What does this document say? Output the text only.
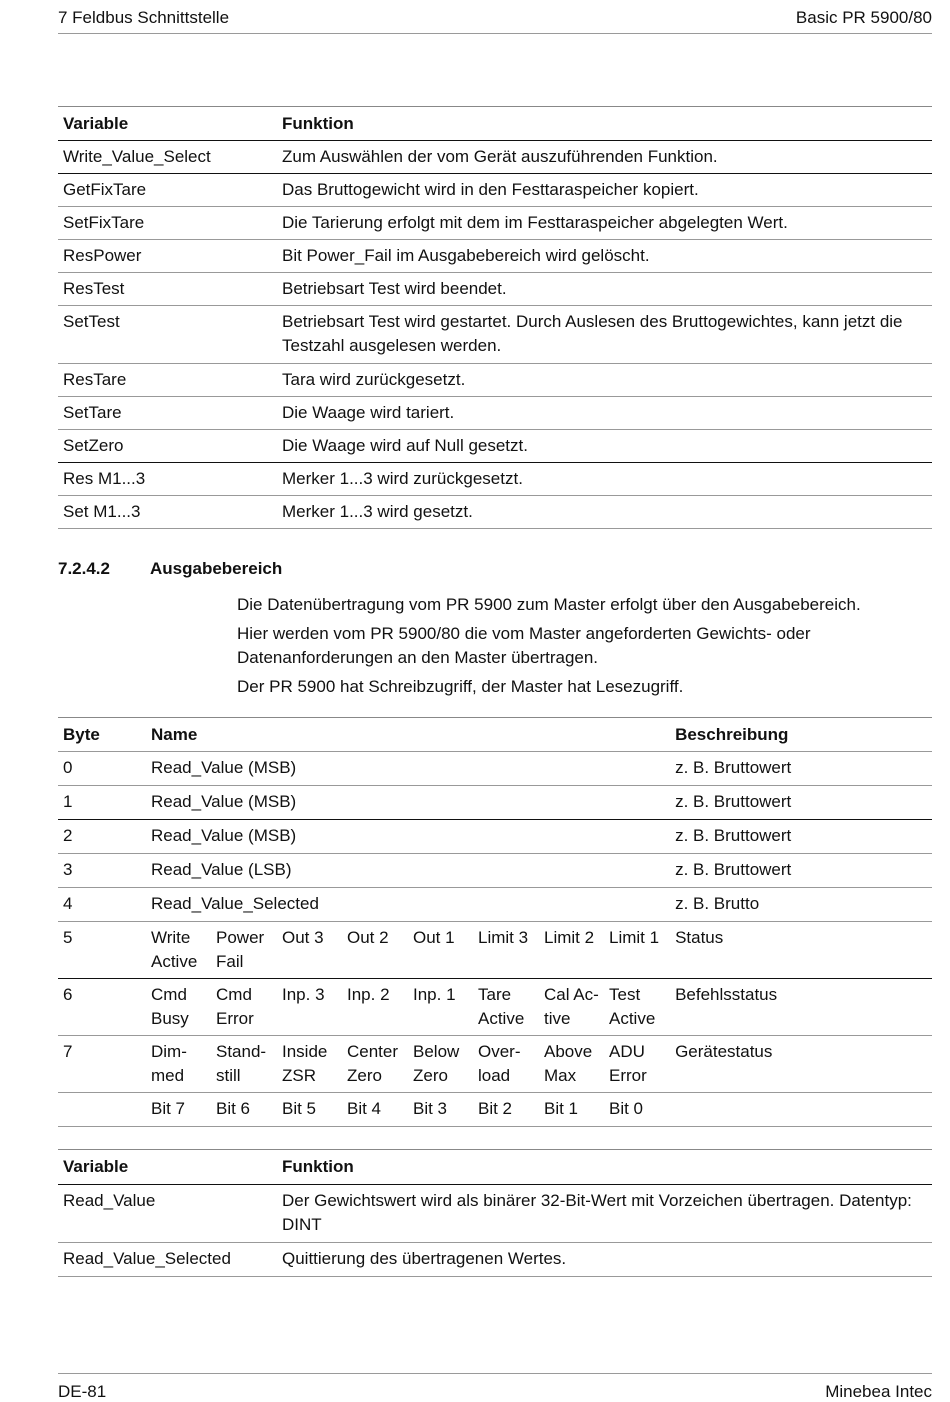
7 Feldbus Schnittstelle	Basic PR 5900/80
Variable	Funktion
Write_Value_Select	Zum Auswählen der vom Gerät auszuführenden Funktion.
GetFixTare	Das Bruttogewicht wird in den Festtaraspeicher kopiert.
SetFixTare	Die Tarierung erfolgt mit dem im Festtaraspeicher abgelegten Wert.
ResPower	Bit Power_Fail im Ausgabebereich wird gelöscht.
ResTest	Betriebsart Test wird beendet.
SetTest	Betriebsart Test wird gestartet. Durch Auslesen des Bruttogewichtes, kann jetzt die Testzahl ausgelesen werden.
ResTare	Tara wird zurückgesetzt.
SetTare	Die Waage wird tariert.
SetZero	Die Waage wird auf Null gesetzt.
Res M1...3	Merker 1...3 wird zurückgesetzt.
Set M1...3	Merker 1...3 wird gesetzt.
7.2.4.2 Ausgabebereich
Die Datenübertragung vom PR 5900 zum Master erfolgt über den Ausgabebereich.
Hier werden vom PR 5900/80 die vom Master angeforderten Gewichts- oder Datenanforderungen an den Master übertragen.
Der PR 5900 hat Schreibzugriff, der Master hat Lesezugriff.
Byte	Name								Beschreibung
0	Read_Value (MSB)								z. B. Bruttowert
1	Read_Value (MSB)								z. B. Bruttowert
2	Read_Value (MSB)								z. B. Bruttowert
3	Read_Value (LSB)								z. B. Bruttowert
4	Read_Value_Selected								z. B. Brutto
5	Write Active	Power Fail	Out 3	Out 2	Out 1	Limit 3	Limit 2	Limit 1	Status
6	Cmd Busy	Cmd Error	Inp. 3	Inp. 2	Inp. 1	Tare Active	Cal Ac-tive	Test Active	Befehlsstatus
7	Dim-med	Stand-still	Inside ZSR	Center Zero	Below Zero	Over-load	Above Max	ADU Error	Gerätestatus
	Bit 7	Bit 6	Bit 5	Bit 4	Bit 3	Bit 2	Bit 1	Bit 0	
Variable	Funktion
Read_Value	Der Gewichtswert wird als binärer 32-Bit-Wert mit Vorzeichen übertragen. Datentyp: DINT
Read_Value_Selected	Quittierung des übertragenen Wertes.
DE-81	Minebea Intec
